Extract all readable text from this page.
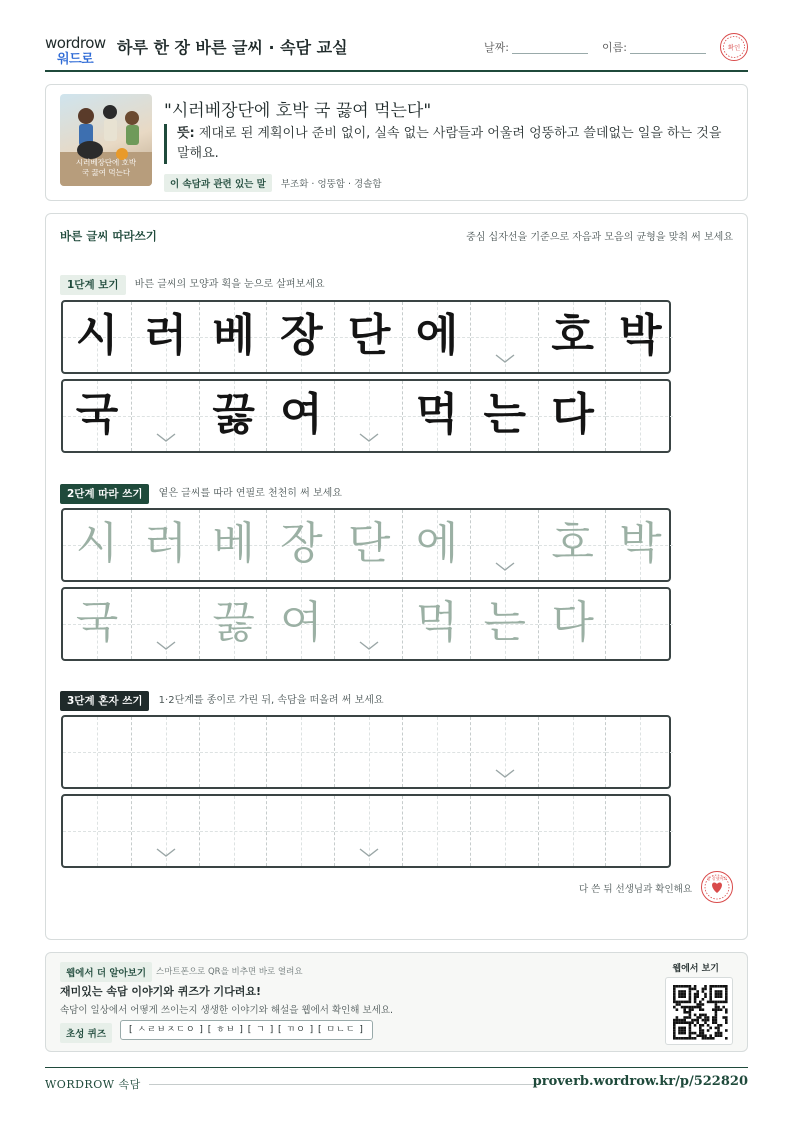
wordrow
워드로
하루 한 장 바른 글씨 · 속담 교실	날짜:	이름:	확인
시러베장단에 호박
국 끓여 먹는다
"시러베장단에 호박 국 끓여 먹는다"
뜻: 제대로 된 계획이나 준비 없이, 실속 없는 사람들과 어울려 엉뚱하고 쓸데없는 일을 하는 것을 말해요.
이 속담과 관련 있는 말 부조화 · 엉뚱함 · 경솔함
바른 글씨 따라쓰기	중심 십자선을 기준으로 자음과 모음의 균형을 맞춰 써 보세요
1단계 보기 바른 글씨의 모양과 획을 눈으로 살펴보세요
시 러 베 장 단 에 호 박
국 끓 여 먹 는 다
2단계 따라 쓰기 옅은 글씨를 따라 연필로 천천히 써 보세요
시 러 베 장 단 에 호 박
국 끓 여 먹 는 다
3단계 혼자 쓰기 1·2단계를 종이로 가린 뒤, 속담을 떠올려 써 보세요
다 쓴 뒤 선생님과 확인해요
참 잘했어요
웹에서 더 알아보기	스마트폰으로 QR을 비추면 바로 열려요
재미있는 속담 이야기와 퀴즈가 기다려요!
속담이 일상에서 어떻게 쓰이는지 생생한 이야기와 해설을 웹에서 확인해 보세요.
초성 퀴즈	[ ㅅㄹㅂㅈㄷㅇ ] [ ㅎㅂ ] [ ㄱ ] [ ㄲㅇ ] [ ㅁㄴㄷ ]
웹에서 보기
WORDROW 속담	proverb.wordrow.kr/p/522820
